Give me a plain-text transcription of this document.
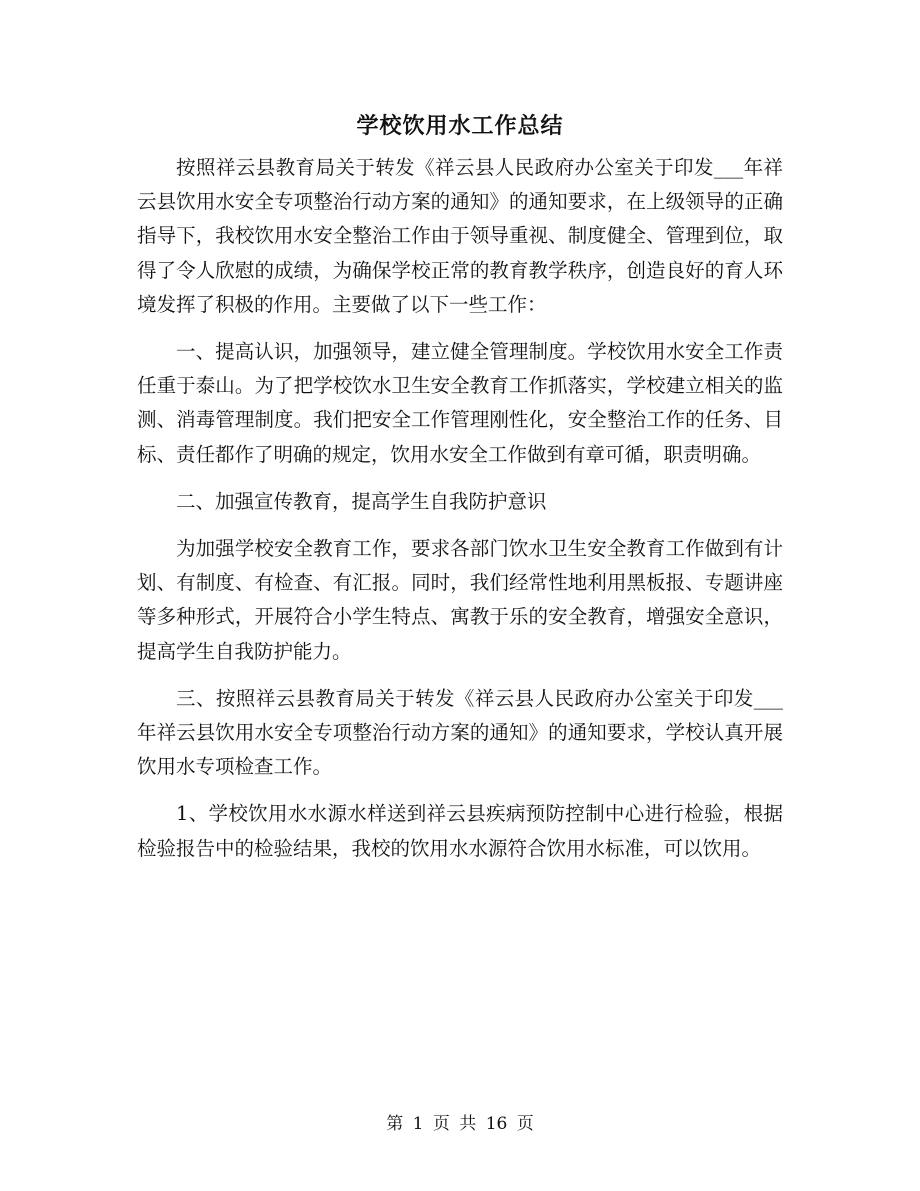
学校饮用水工作总结

按照祥云县教育局关于转发《祥云县人民政府办公室关于印发___年祥云县饮用水安全专项整治行动方案的通知》的通知要求，在上级领导的正确指导下，我校饮用水安全整治工作由于领导重视、制度健全、管理到位，取得了令人欣慰的成绩，为确保学校正常的教育教学秩序，创造良好的育人环境发挥了积极的作用。主要做了以下一些工作：

一、提高认识，加强领导，建立健全管理制度。学校饮用水安全工作责任重于泰山。为了把学校饮水卫生安全教育工作抓落实，学校建立相关的监测、消毒管理制度。我们把安全工作管理刚性化，安全整治工作的任务、目标、责任都作了明确的规定，饮用水安全工作做到有章可循，职责明确。

二、加强宣传教育，提高学生自我防护意识

为加强学校安全教育工作，要求各部门饮水卫生安全教育工作做到有计划、有制度、有检查、有汇报。同时，我们经常性地利用黑板报、专题讲座等多种形式，开展符合小学生特点、寓教于乐的安全教育，增强安全意识，提高学生自我防护能力。

三、按照祥云县教育局关于转发《祥云县人民政府办公室关于印发___年祥云县饮用水安全专项整治行动方案的通知》的通知要求，学校认真开展饮用水专项检查工作。

1、学校饮用水水源水样送到祥云县疾病预防控制中心进行检验，根据检验报告中的检验结果，我校的饮用水水源符合饮用水标准，可以饮用。

第 1 页 共 16 页
